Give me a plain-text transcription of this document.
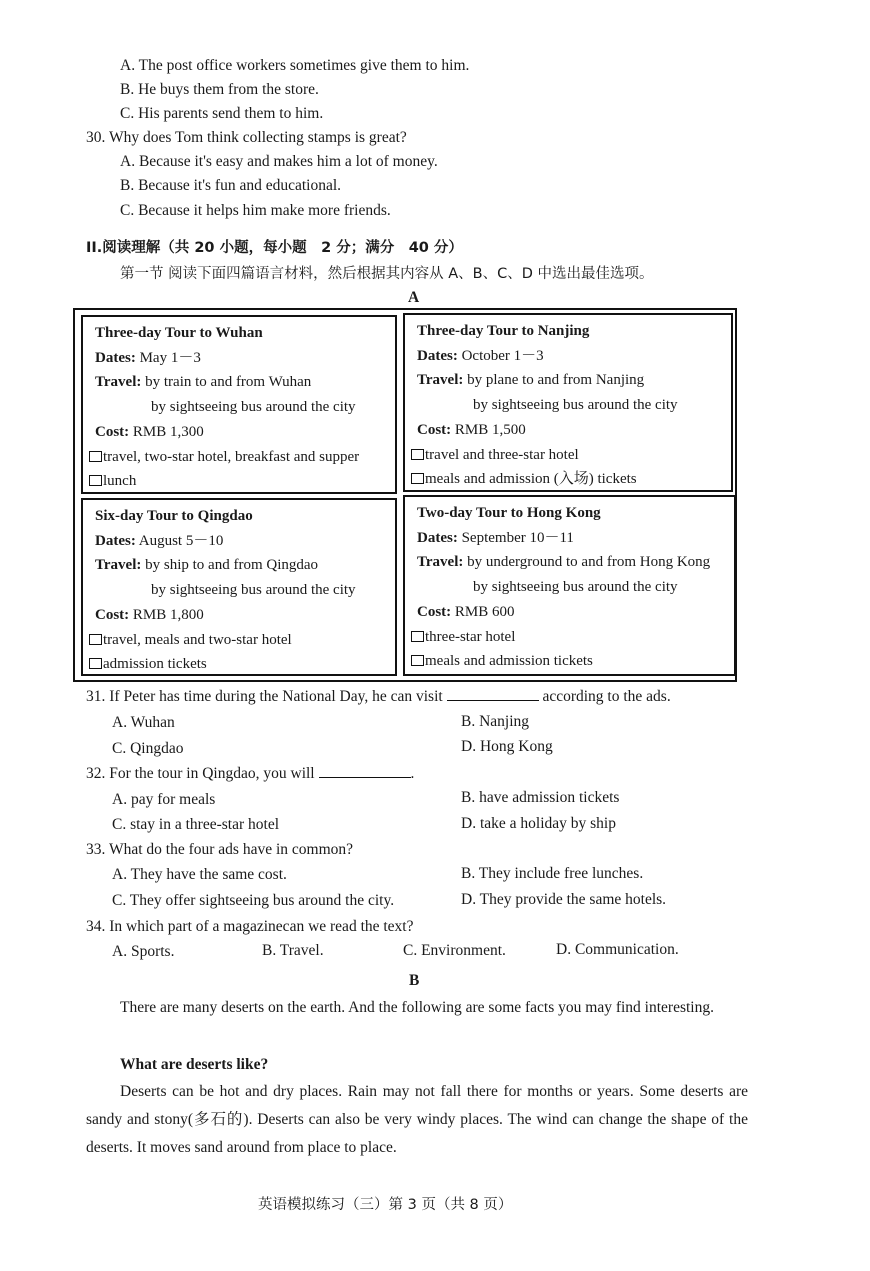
A. The post office workers sometimes give them to him.
B. He buys them from the store.
C. His parents send them to him.
30. Why does Tom think collecting stamps is great?
A. Because it's easy and makes him a lot of money.
B. Because it's fun and educational.
C. Because it helps him make more friends.
II.阅读理解（共 20 小题，每小题　2 分；满分　40 分）
第一节 阅读下面四篇语言材料，然后根据其内容从 A、B、C、D 中选出最佳选项。
A
Three-day Tour to Wuhan
Dates: May 1－3
Travel: by train to and from Wuhan
by sightseeing bus around the city
Cost: RMB 1,300
travel, two-star hotel, breakfast and supper
lunch
Three-day Tour to Nanjing
Dates: October 1－3
Travel: by plane to and from Nanjing
by sightseeing bus around the city
Cost: RMB 1,500
travel and three-star hotel
meals and admission (入场) tickets
Six-day Tour to Qingdao
Dates: August 5－10
Travel: by ship to and from Qingdao
by sightseeing bus around the city
Cost: RMB 1,800
travel, meals and two-star hotel
admission tickets
Two-day Tour to Hong Kong
Dates: September 10－11
Travel: by underground to and from Hong Kong
by sightseeing bus around the city
Cost: RMB 600
three-star hotel
meals and admission tickets
31. If Peter has time during the National Day, he can visit	according to the ads.
A. Wuhan	B. Nanjing
C. Qingdao	D. Hong Kong
32. For the tour in Qingdao, you will	.
A. pay for meals	B. have admission tickets
C. stay in a three-star hotel	D. take a holiday by ship
33. What do the four ads have in common?
A. They have the same cost.	B. They include free lunches.
C. They offer sightseeing bus around the city.	D. They provide the same hotels.
34. In which part of a magazinecan we read the text?
A. Sports.	B. Travel.	C. Environment.	D. Communication.
B
There are many deserts on the earth. And the following are some facts you may find interesting.
What are deserts like?
Deserts can be hot and dry places. Rain may not fall there for months or years. Some deserts are sandy and stony(多石的). Deserts can also be very windy places. The wind can change the shape of the deserts. It moves sand around from place to place.
英语模拟练习（三）第 3 页（共 8 页）
